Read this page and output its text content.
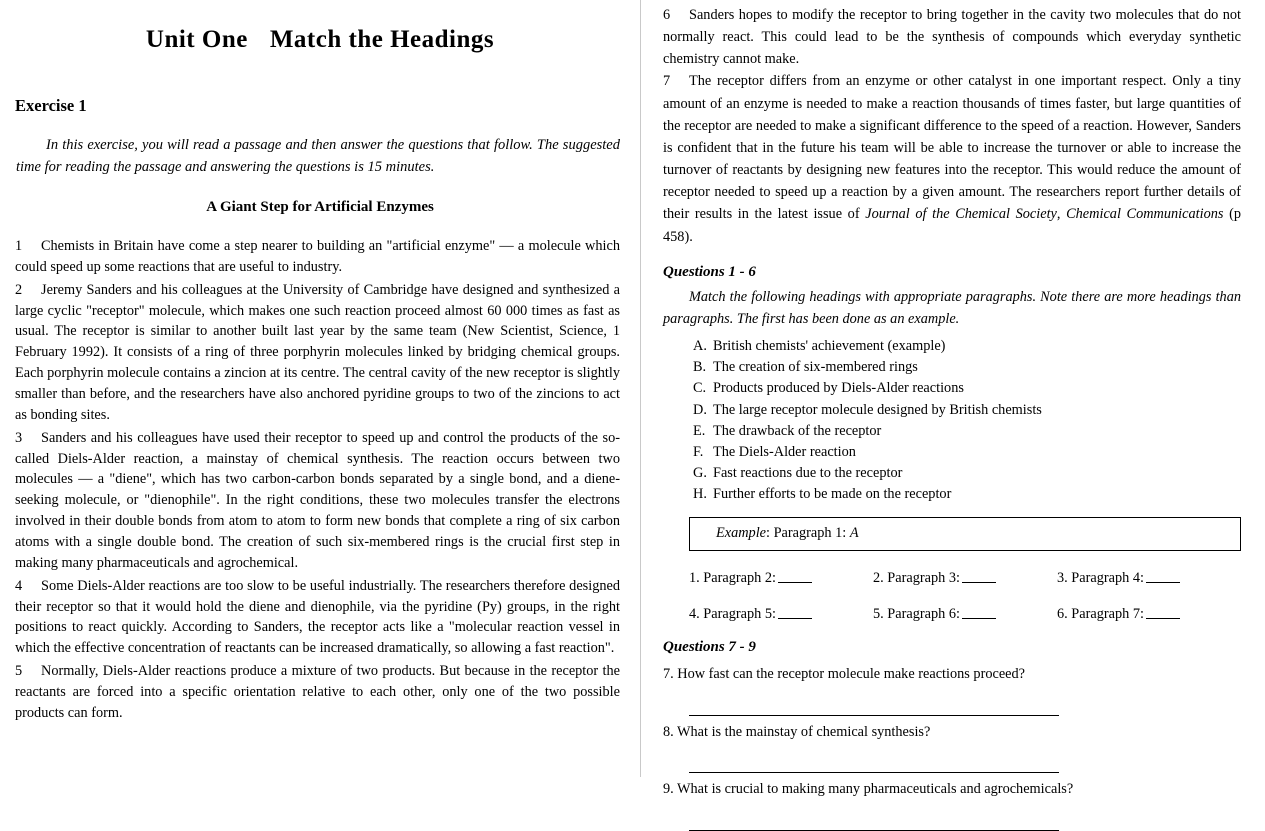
Unit One Match the Headings
Exercise 1
In this exercise, you will read a passage and then answer the questions that follow. The suggested time for reading the passage and answering the questions is 15 minutes.
A Giant Step for Artificial Enzymes
1 Chemists in Britain have come a step nearer to building an "artificial enzyme" — a molecule which could speed up some reactions that are useful to industry.
2 Jeremy Sanders and his colleagues at the University of Cambridge have designed and synthesized a large cyclic "receptor" molecule, which makes one such reaction proceed almost 60 000 times as fast as usual. The receptor is similar to another built last year by the same team (New Scientist, Science, 1 February 1992). It consists of a ring of three porphyrin molecules linked by bridging chemical groups. Each porphyrin molecule contains a zincion at its centre. The central cavity of the new receptor is slightly smaller than before, and the researchers have also anchored pyridine groups to two of the zincions to act as bonding sites.
3 Sanders and his colleagues have used their receptor to speed up and control the products of the so-called Diels-Alder reaction, a mainstay of chemical synthesis. The reaction occurs between two molecules — a "diene", which has two carbon-carbon bonds separated by a single bond, and a diene-seeking molecule, or "dienophile". In the right conditions, these two molecules transfer the electrons involved in their double bonds from atom to atom to form new bonds that complete a ring of six carbon atoms with a single double bond. The creation of such six-membered rings is the crucial first step in making many pharmaceuticals and agrochemical.
4 Some Diels-Alder reactions are too slow to be useful industrially. The researchers therefore designed their receptor so that it would hold the diene and dienophile, via the pyridine (Py) groups, in the right positions to react quickly. According to Sanders, the receptor acts like a "molecular reaction vessel in which the effective concentration of reactants can be increased dramatically, so allowing a fast reaction".
5 Normally, Diels-Alder reactions produce a mixture of two products. But because in the receptor the reactants are forced into a specific orientation relative to each other, only one of the two possible products can form.
6 Sanders hopes to modify the receptor to bring together in the cavity two molecules that do not normally react. This could lead to be the synthesis of compounds which everyday synthetic chemistry cannot make.
7 The receptor differs from an enzyme or other catalyst in one important respect. Only a tiny amount of an enzyme is needed to make a reaction thousands of times faster, but large quantities of the receptor are needed to make a significant difference to the speed of a reaction. However, Sanders is confident that in the future his team will be able to increase the turnover or able to increase the turnover of reactants by designing new features into the receptor. This would reduce the amount of receptor needed to speed up a reaction by a given amount. The researchers report further details of their results in the latest issue of Journal of the Chemical Society, Chemical Communications (p 458).
Questions 1 - 6
Match the following headings with appropriate paragraphs. Note there are more headings than paragraphs. The first has been done as an example.
A. British chemists' achievement (example)
B. The creation of six-membered rings
C. Products produced by Diels-Alder reactions
D. The large receptor molecule designed by British chemists
E. The drawback of the receptor
F. The Diels-Alder reaction
G. Fast reactions due to the receptor
H. Further efforts to be made on the receptor
Example: Paragraph 1: A
1. Paragraph 2:	2. Paragraph 3:	3. Paragraph 4:
4. Paragraph 5:	5. Paragraph 6:	6. Paragraph 7:
Questions 7 - 9
7. How fast can the receptor molecule make reactions proceed?
8. What is the mainstay of chemical synthesis?
9. What is crucial to making many pharmaceuticals and agrochemicals?
